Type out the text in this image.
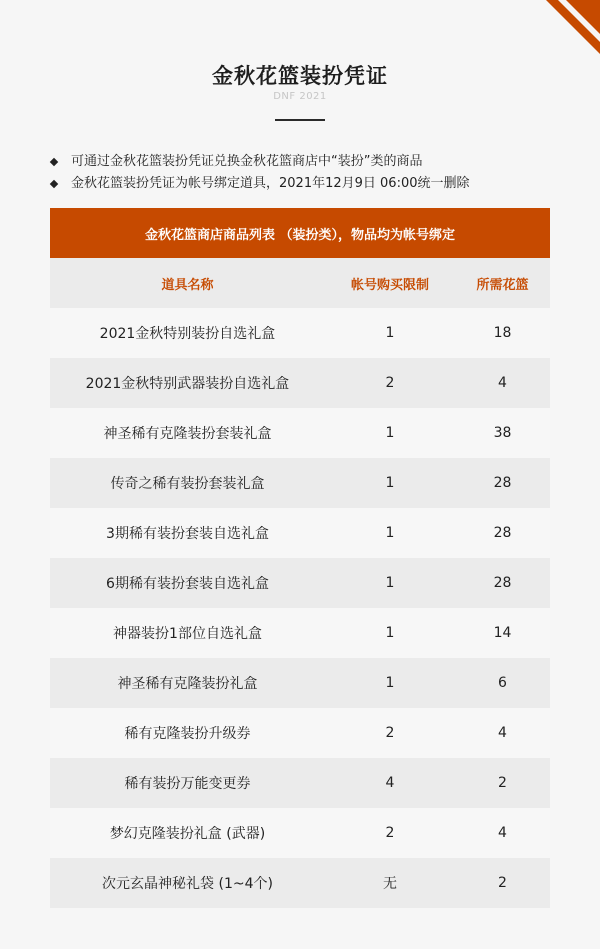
金秋花篮装扮凭证
DNF 2021
可通过金秋花篮装扮凭证兑换金秋花篮商店中“装扮”类的商品
金秋花篮装扮凭证为帐号绑定道具，2021年12月9日 06:00统一删除
金秋花篮商店商品列表 （装扮类），物品均为帐号绑定
道具名称	帐号购买限制	所需花篮
2021金秋特别装扮自选礼盒	1	18
2021金秋特别武器装扮自选礼盒	2	4
神圣稀有克隆装扮套装礼盒	1	38
传奇之稀有装扮套装礼盒	1	28
3期稀有装扮套装自选礼盒	1	28
6期稀有装扮套装自选礼盒	1	28
神器装扮1部位自选礼盒	1	14
神圣稀有克隆装扮礼盒	1	6
稀有克隆装扮升级券	2	4
稀有装扮万能变更券	4	2
梦幻克隆装扮礼盒 (武器)	2	4
次元玄晶神秘礼袋 (1~4个)	无	2
